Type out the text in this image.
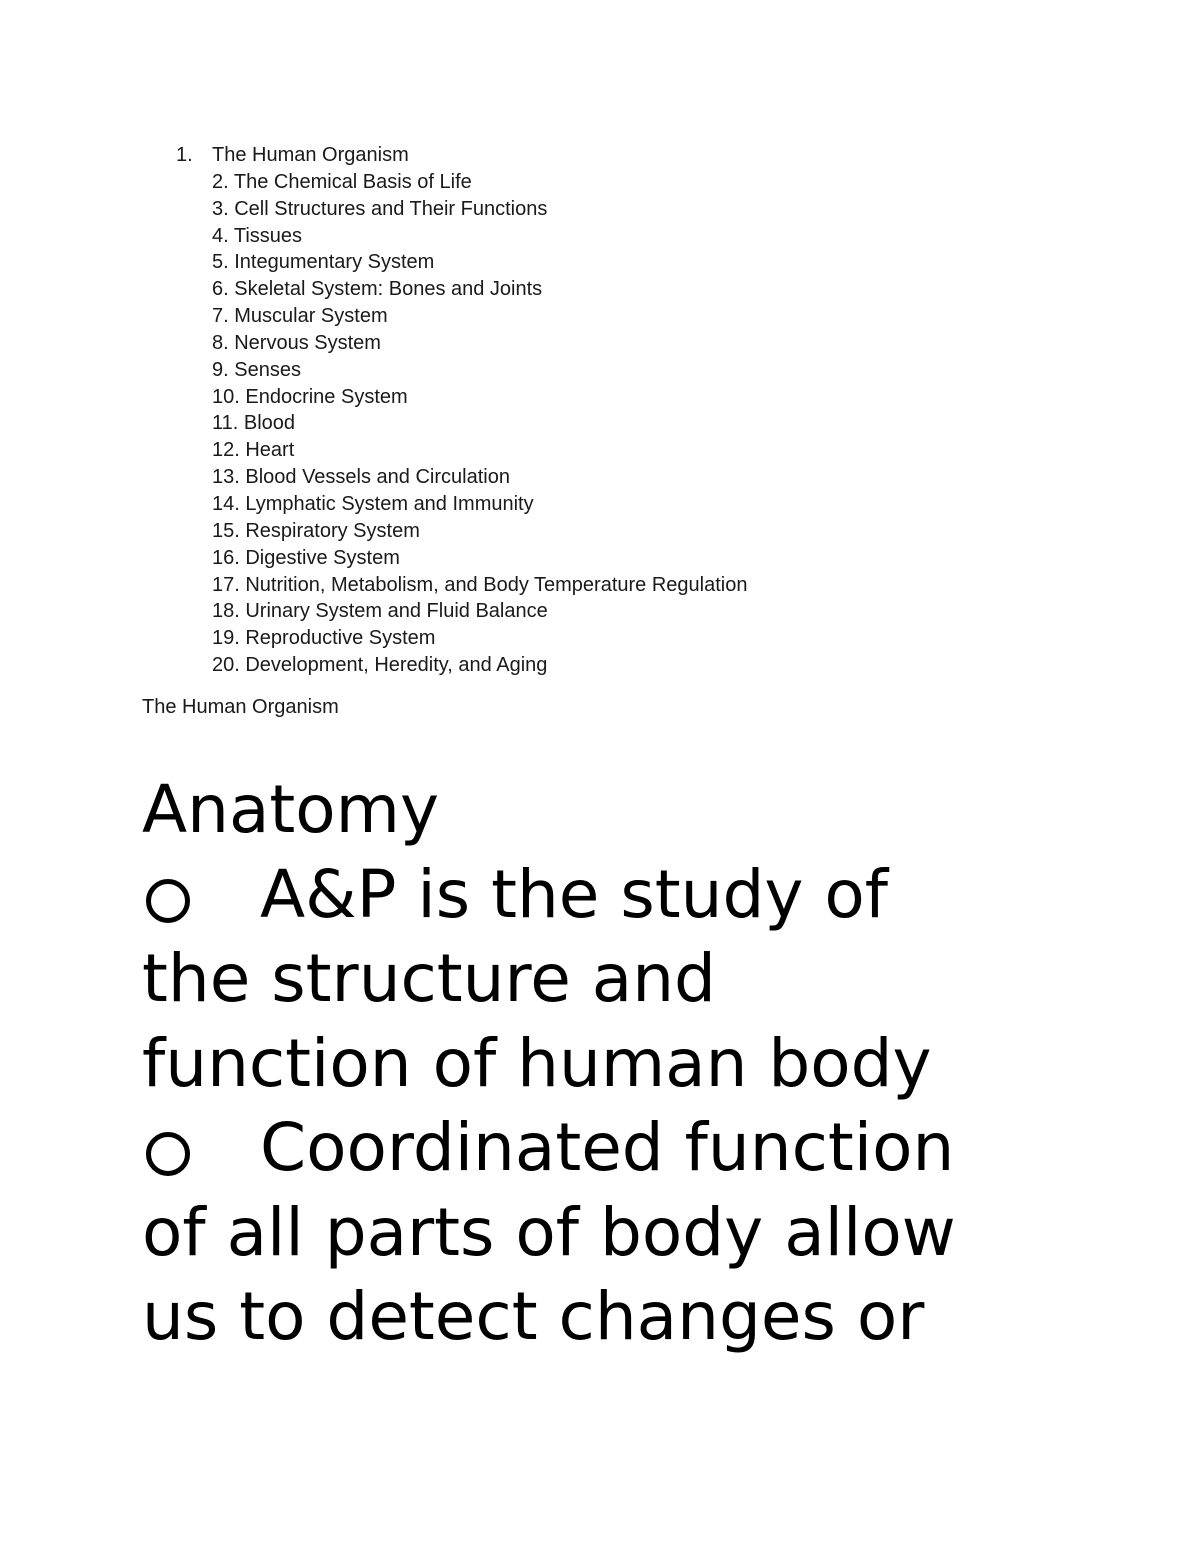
1. The Human Organism
2. The Chemical Basis of Life
3. Cell Structures and Their Functions
4. Tissues
5. Integumentary System
6. Skeletal System: Bones and Joints
7. Muscular System
8. Nervous System
9. Senses
10. Endocrine System
11. Blood
12. Heart
13. Blood Vessels and Circulation
14. Lymphatic System and Immunity
15. Respiratory System
16. Digestive System
17. Nutrition, Metabolism, and Body Temperature Regulation
18. Urinary System and Fluid Balance
19. Reproductive System
20. Development, Heredity, and Aging
The Human Organism
Anatomy
A&P is the study of
the structure and
function of human body
Coordinated function
of all parts of body allow
us to detect changes or
